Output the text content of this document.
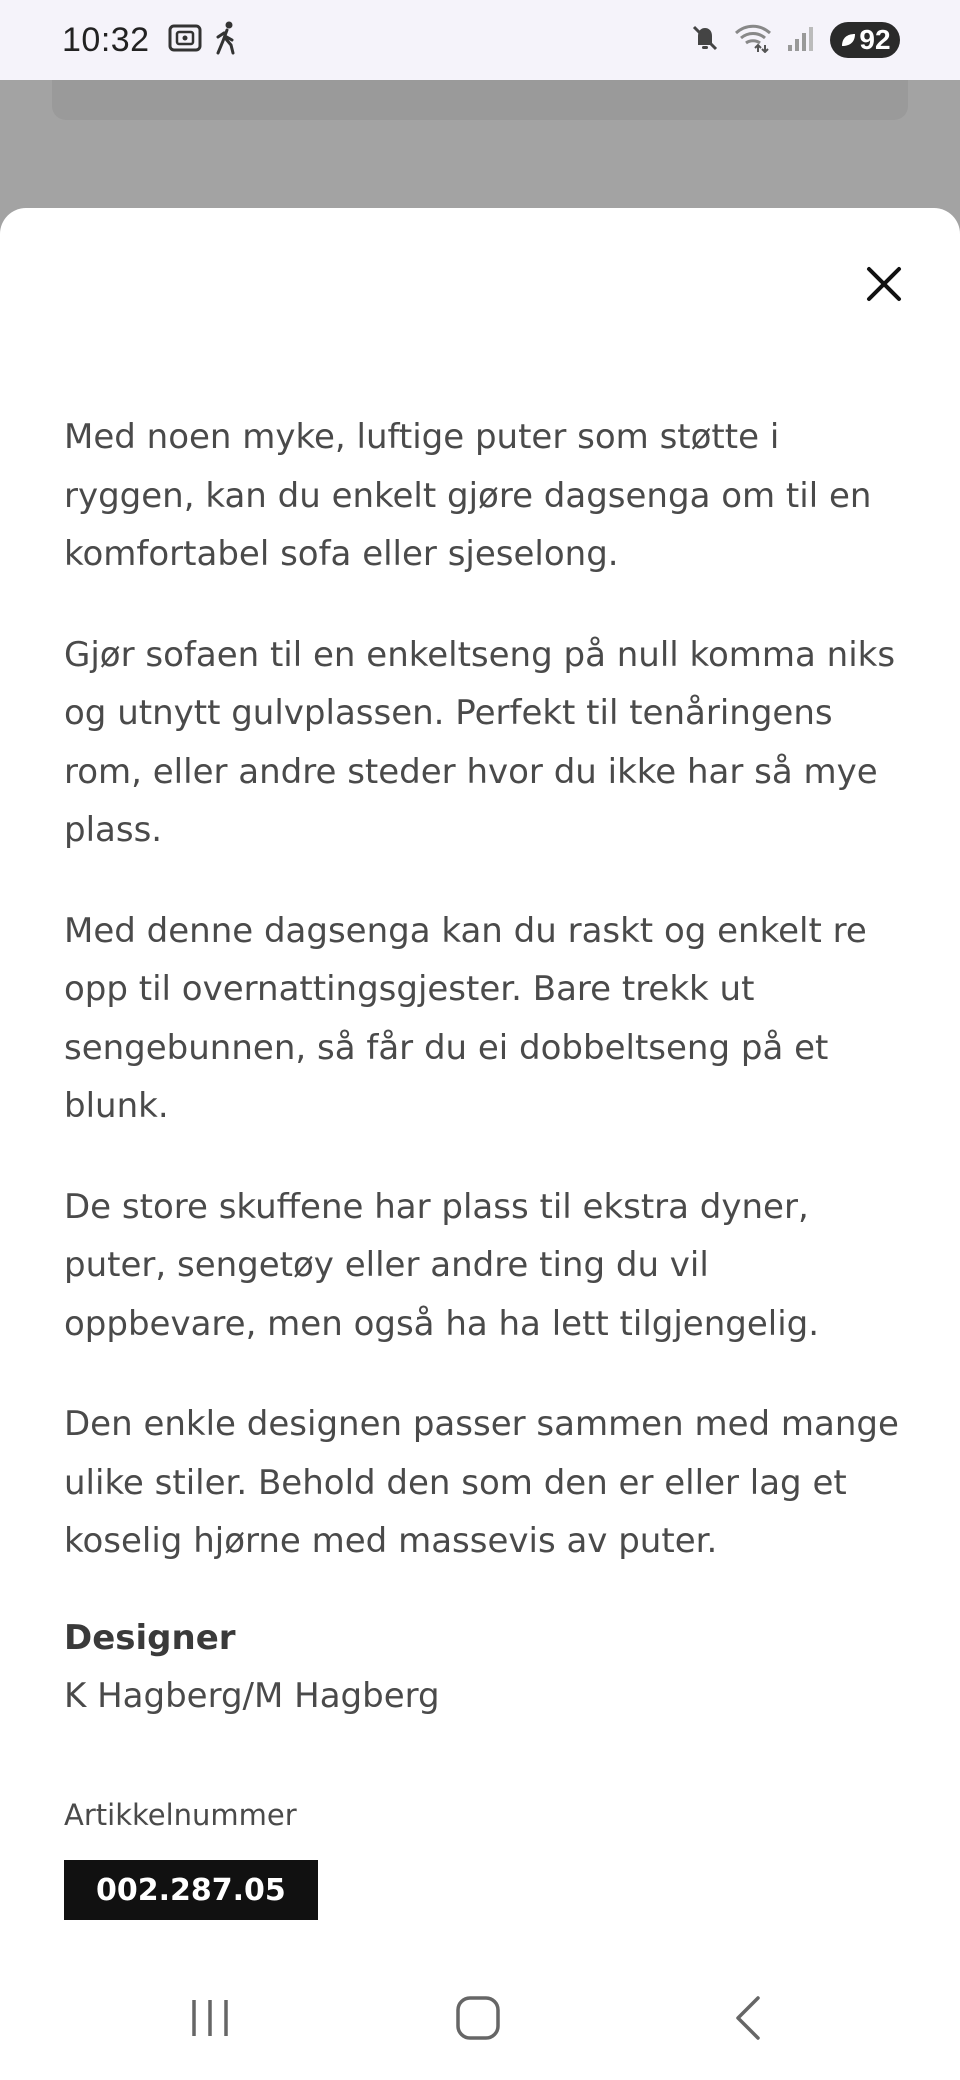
10:32	92

Med noen myke, luftige puter som støtte i ryggen, kan du enkelt gjøre dagsenga om til en komfortabel sofa eller sjeselong.

Gjør sofaen til en enkeltseng på null komma niks og utnytt gulvplassen. Perfekt til tenåringens rom, eller andre steder hvor du ikke har så mye plass.

Med denne dagsenga kan du raskt og enkelt re opp til overnattingsgjester. Bare trekk ut sengebunnen, så får du ei dobbeltseng på et blunk.

De store skuffene har plass til ekstra dyner, puter, sengetøy eller andre ting du vil oppbevare, men også ha ha lett tilgjengelig.

Den enkle designen passer sammen med mange ulike stiler. Behold den som den er eller lag et koselig hjørne med massevis av puter.

Designer
K Hagberg/M Hagberg
Artikkelnummer
002.287.05
